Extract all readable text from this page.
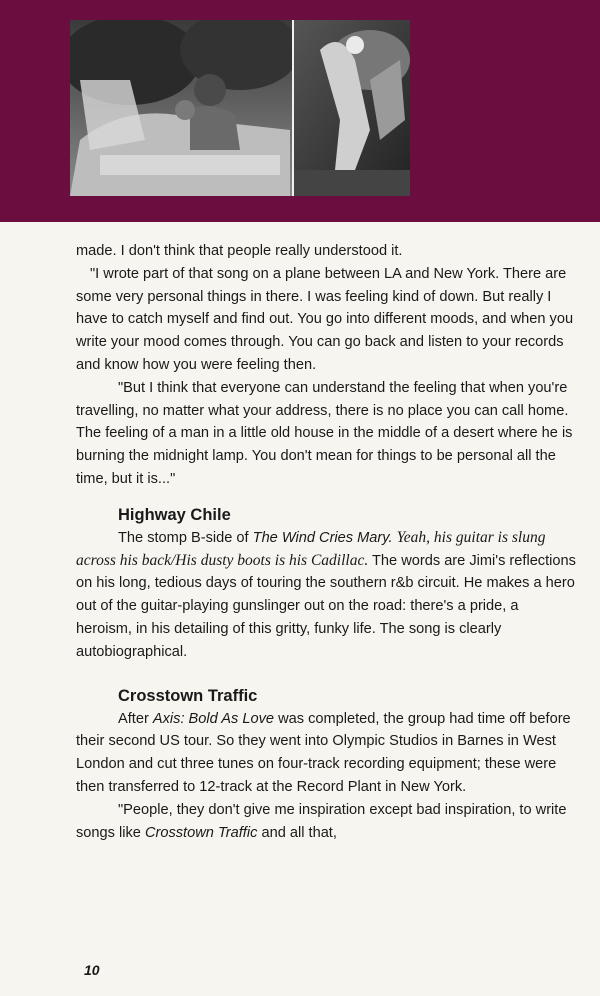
made. I don't think that people really understood it.

"I wrote part of that song on a plane between LA and New York. There are some very personal things in there. I was feeling kind of down. But really I have to catch myself and find out. You go into different moods, and when you write your mood comes through. You can go back and listen to your records and know how you were feeling then.

"But I think that everyone can understand the feeling that when you're travelling, no matter what your address, there is no place you can call home. The feeling of a man in a little old house in the middle of a desert where he is burning the midnight lamp. You don't mean for things to be personal all the time, but it is..."

Highway Chile

The stomp B-side of The Wind Cries Mary. Yeah, his guitar is slung across his back/His dusty boots is his Cadillac. The words are Jimi's reflections on his long, tedious days of touring the southern r&b circuit. He makes a hero out of the guitar-playing gunslinger out on the road: there's a pride, a heroism, in his detailing of this gritty, funky life. The song is clearly autobiographical.

Crosstown Traffic

After Axis: Bold As Love was completed, the group had time off before their second US tour. So they went into Olympic Studios in Barnes in West London and cut three tunes on four-track recording equipment; these were then transferred to 12-track at the Record Plant in New York.

"People, they don't give me inspiration except bad inspiration, to write songs like Crosstown Traffic and all that,

10
